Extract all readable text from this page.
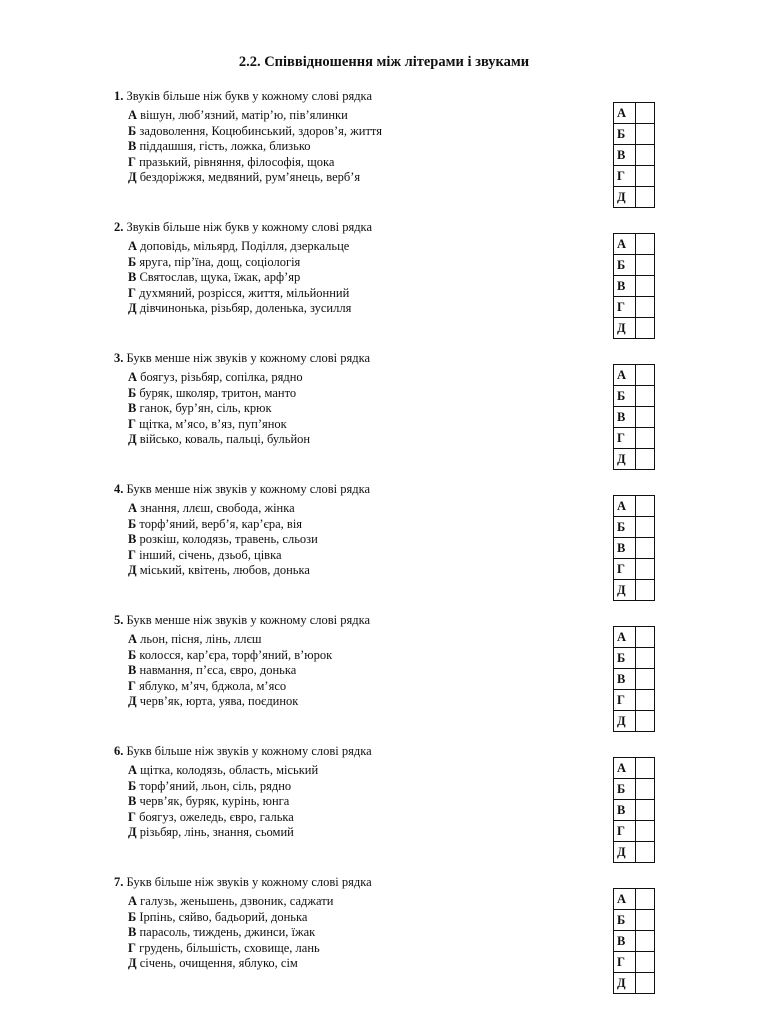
2.2. Співвідношення між літерами і звуками
1. Звуків більше ніж букв у кожному слові рядка
А вішун, люб’язний, матір’ю, пів’ялинки
Б задоволення, Коцюбинський, здоров’я, життя
В піддашшя, гість, ложка, близько
Г празький, рівняння, філософія, щока
Д бездоріжжя, медвяний, рум’янець, верб’я
А	
Б	
В	
Г	
Д	
2. Звуків більше ніж букв у кожному слові рядка
А доповідь, мільярд, Поділля, дзеркальце
Б яруга, пір’їна, дощ, соціологія
В Святослав, щука, їжак, арф’яр
Г духмяний, розрісся, життя, мільйонний
Д дівчинонька, різьбяр, доленька, зусилля
А	
Б	
В	
Г	
Д	
3. Букв менше ніж звуків у кожному слові рядка
А боягуз, різьбяр, сопілка, рядно
Б буряк, школяр, тритон, манто
В ганок, бур’ян, сіль, крюк
Г щітка, м’ясо, в’яз, пуп’янок
Д військо, коваль, пальці, бульйон
А	
Б	
В	
Г	
Д	
4. Букв менше ніж звуків у кожному слові рядка
А знання, ллєш, свобода, жінка
Б торф’яний, верб’я, кар’єра, вія
В розкіш, колодязь, травень, сльози
Г інший, січень, дзьоб, цівка
Д міський, квітень, любов, донька
А	
Б	
В	
Г	
Д	
5. Букв менше ніж звуків у кожному слові рядка
А льон, пісня, лінь, ллєш
Б колосся, кар’єра, торф’яний, в’юрок
В навмання, п’єса, євро, донька
Г яблуко, м’яч, бджола, м’ясо
Д черв’як, юрта, уява, поєдинок
А	
Б	
В	
Г	
Д	
6. Букв більше ніж звуків у кожному слові рядка
А щітка, колодязь, область, міський
Б торф’яний, льон, сіль, рядно
В черв’як, буряк, курінь, юнга
Г боягуз, ожеледь, євро, галька
Д різьбяр, лінь, знання, сьомий
А	
Б	
В	
Г	
Д	
7. Букв більше ніж звуків у кожному слові рядка
А галузь, женьшень, дзвоник, саджати
Б Ірпінь, сяйво, бадьорий, донька
В парасоль, тиждень, джинси, їжак
Г грудень, більшість, сховище, лань
Д січень, очищення, яблуко, сім
А	
Б	
В	
Г	
Д	
